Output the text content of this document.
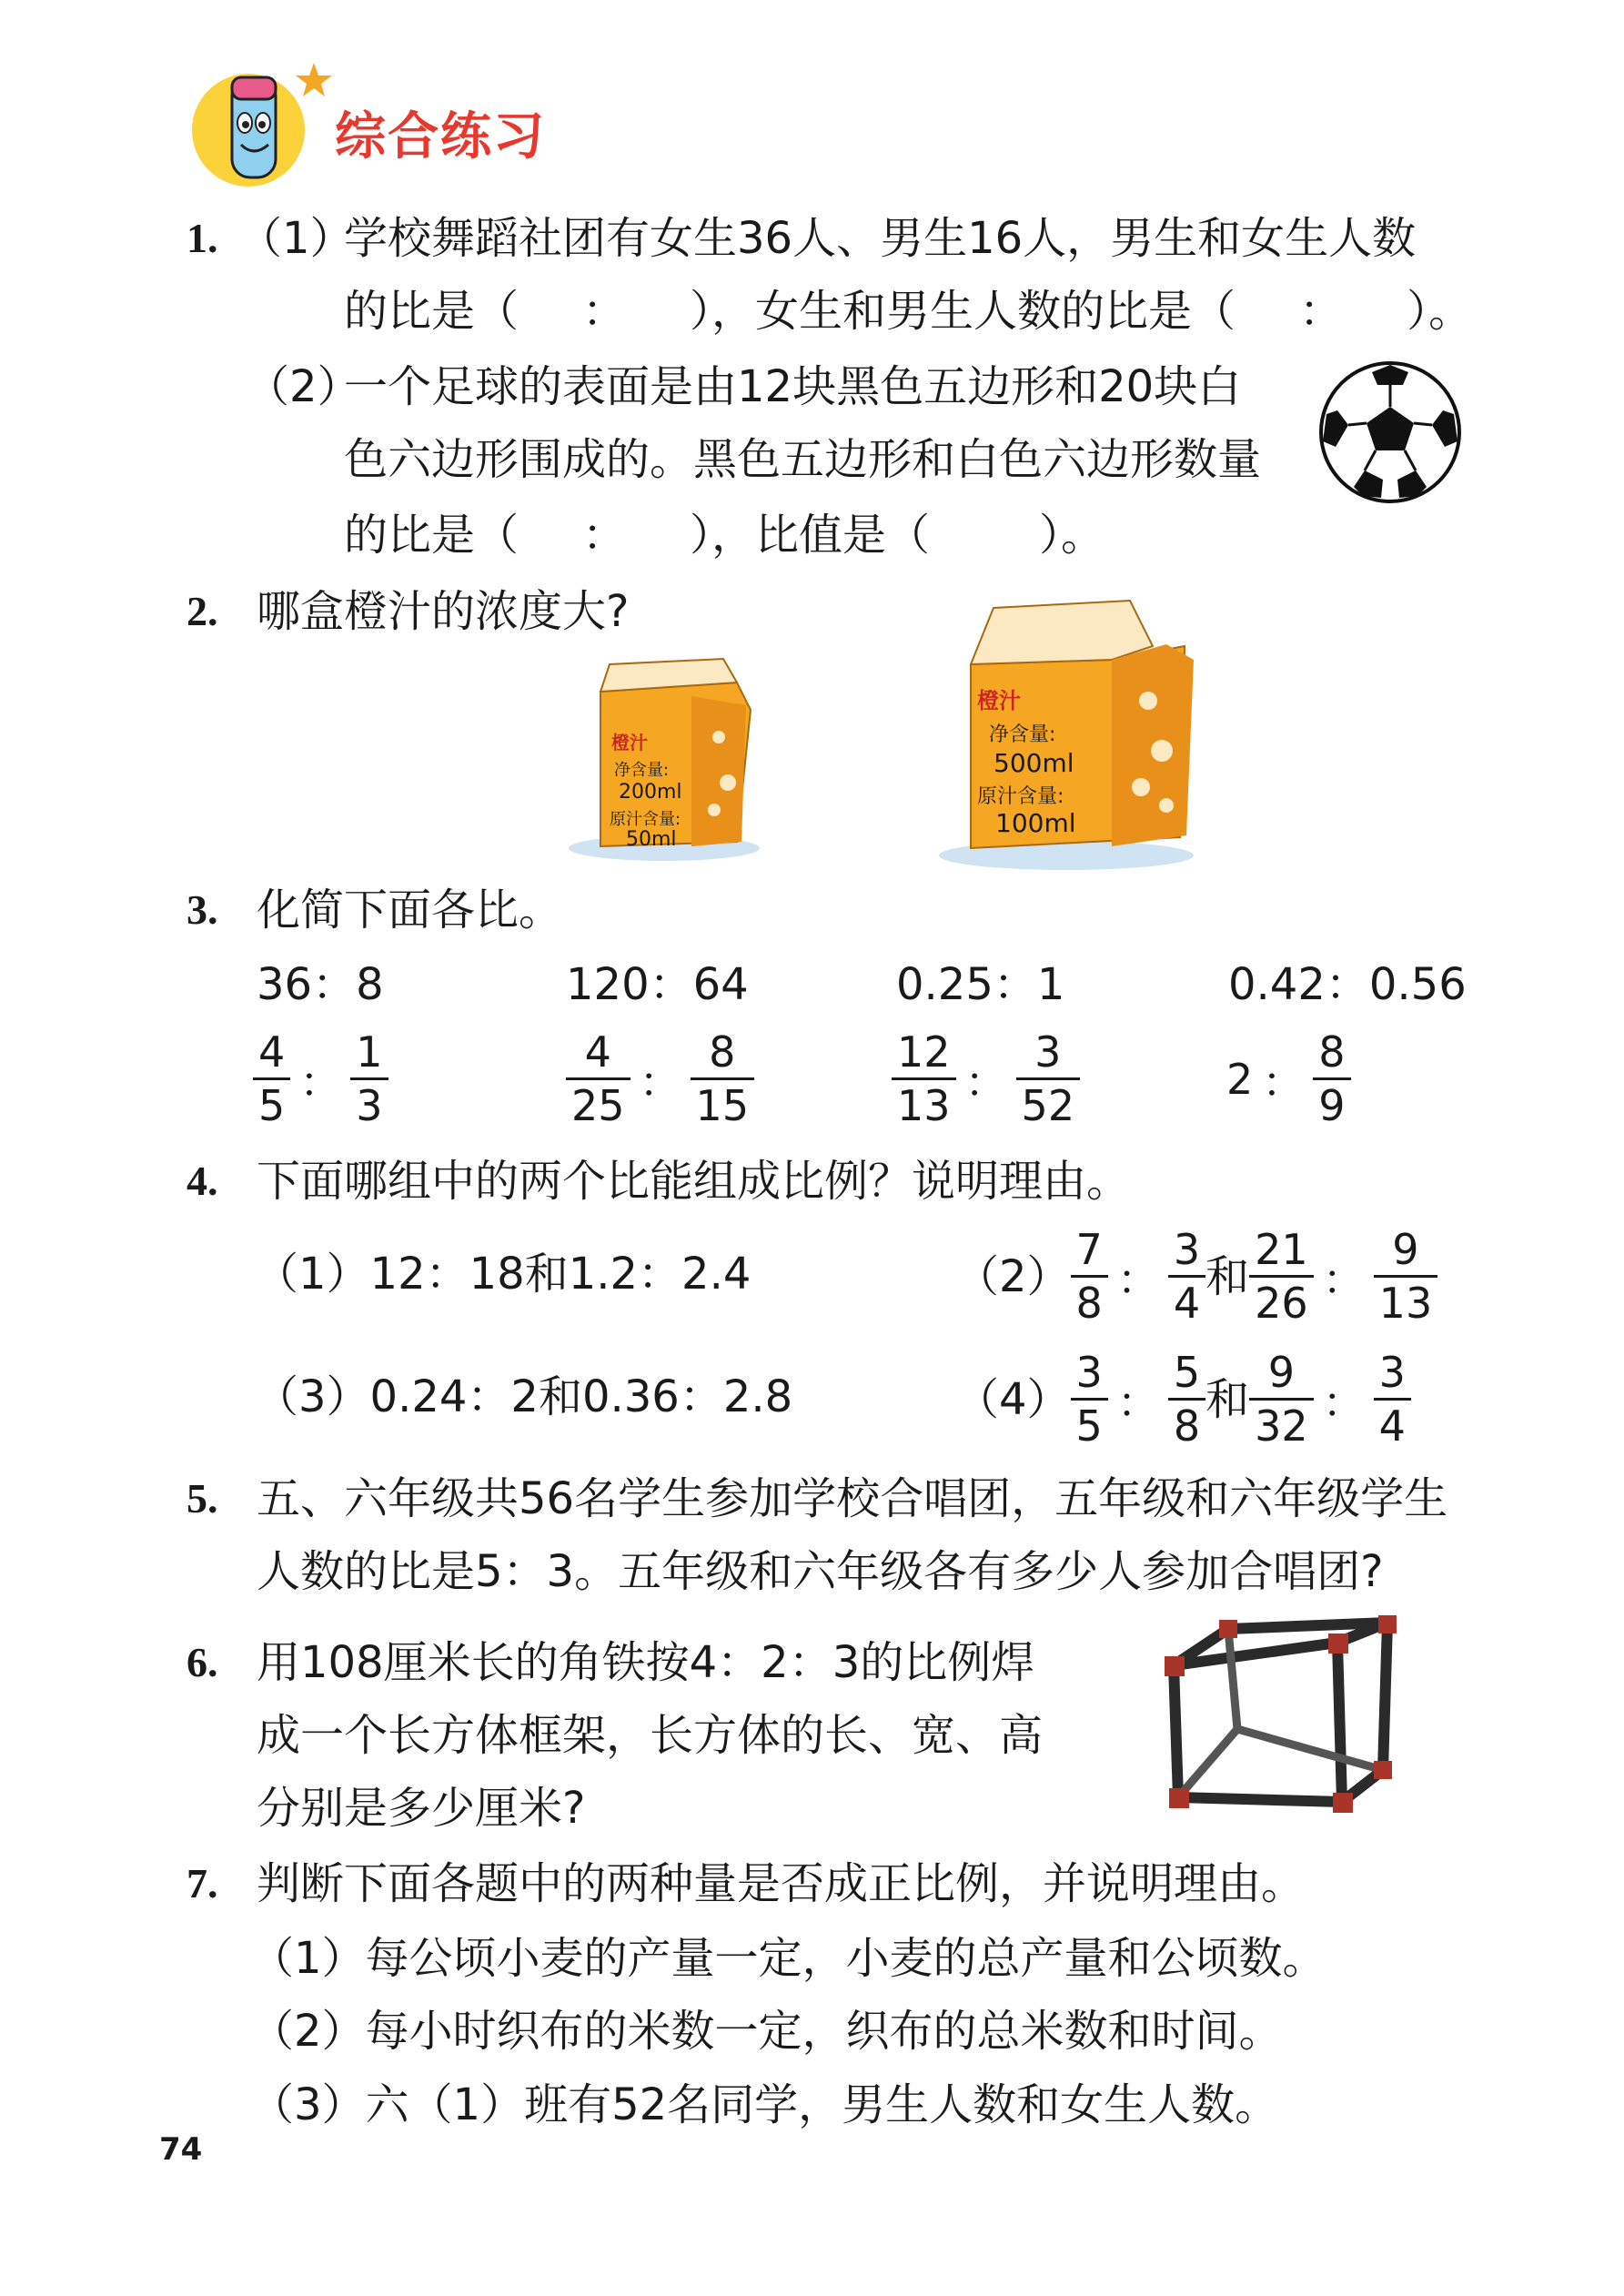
综合练习
1. （1）
学校舞蹈社团有女生36人、男生16人，男生和女生人数
的比是（ ： ），女生和男生人数的比是（ ： ）。
（2）
一个足球的表面是由12块黑色五边形和20块白
色六边形围成的。黑色五边形和白色六边形数量
的比是（ ： ），比值是（	）。
2. 哪盒橙汁的浓度大?
橙汁
净含量:
200ml
原汁含量:
50ml
橙汁
净含量:
500ml
原汁含量:
100ml
3. 化简下面各比。
36：8	120：64	0.25：1	0.42：0.56
$\frac{4}{5}$ ： $\frac{1}{3}$	$\frac{4}{25}$ ： $\frac{8}{15}$	$\frac{12}{13}$ ： $\frac{3}{52}$	2 ： $\frac{8}{9}$
4. 下面哪组中的两个比能组成比例？说明理由。
（1）12：18和1.2：2.4	$(2) \frac{7}{8}$ ： $\frac{3}{4}$ 和 $\frac{21}{26}$ ： $\frac{9}{13}$
（3）0.24：2和0.36：2.8	$(4) \frac{3}{5}$ ： $\frac{5}{8}$ 和 $\frac{9}{32}$ ： $\frac{3}{4}$
5. 五、六年级共56名学生参加学校合唱团，五年级和六年级学生
人数的比是5：3。五年级和六年级各有多少人参加合唱团?
6. 用108厘米长的角铁按4：2：3的比例焊
成一个长方体框架，长方体的长、宽、高
分别是多少厘米?
7. 判断下面各题中的两种量是否成正比例，并说明理由。
（1）每公顷小麦的产量一定，小麦的总产量和公顷数。
（2）每小时织布的米数一定，织布的总米数和时间。
（3）六（1）班有52名同学，男生人数和女生人数。
74
